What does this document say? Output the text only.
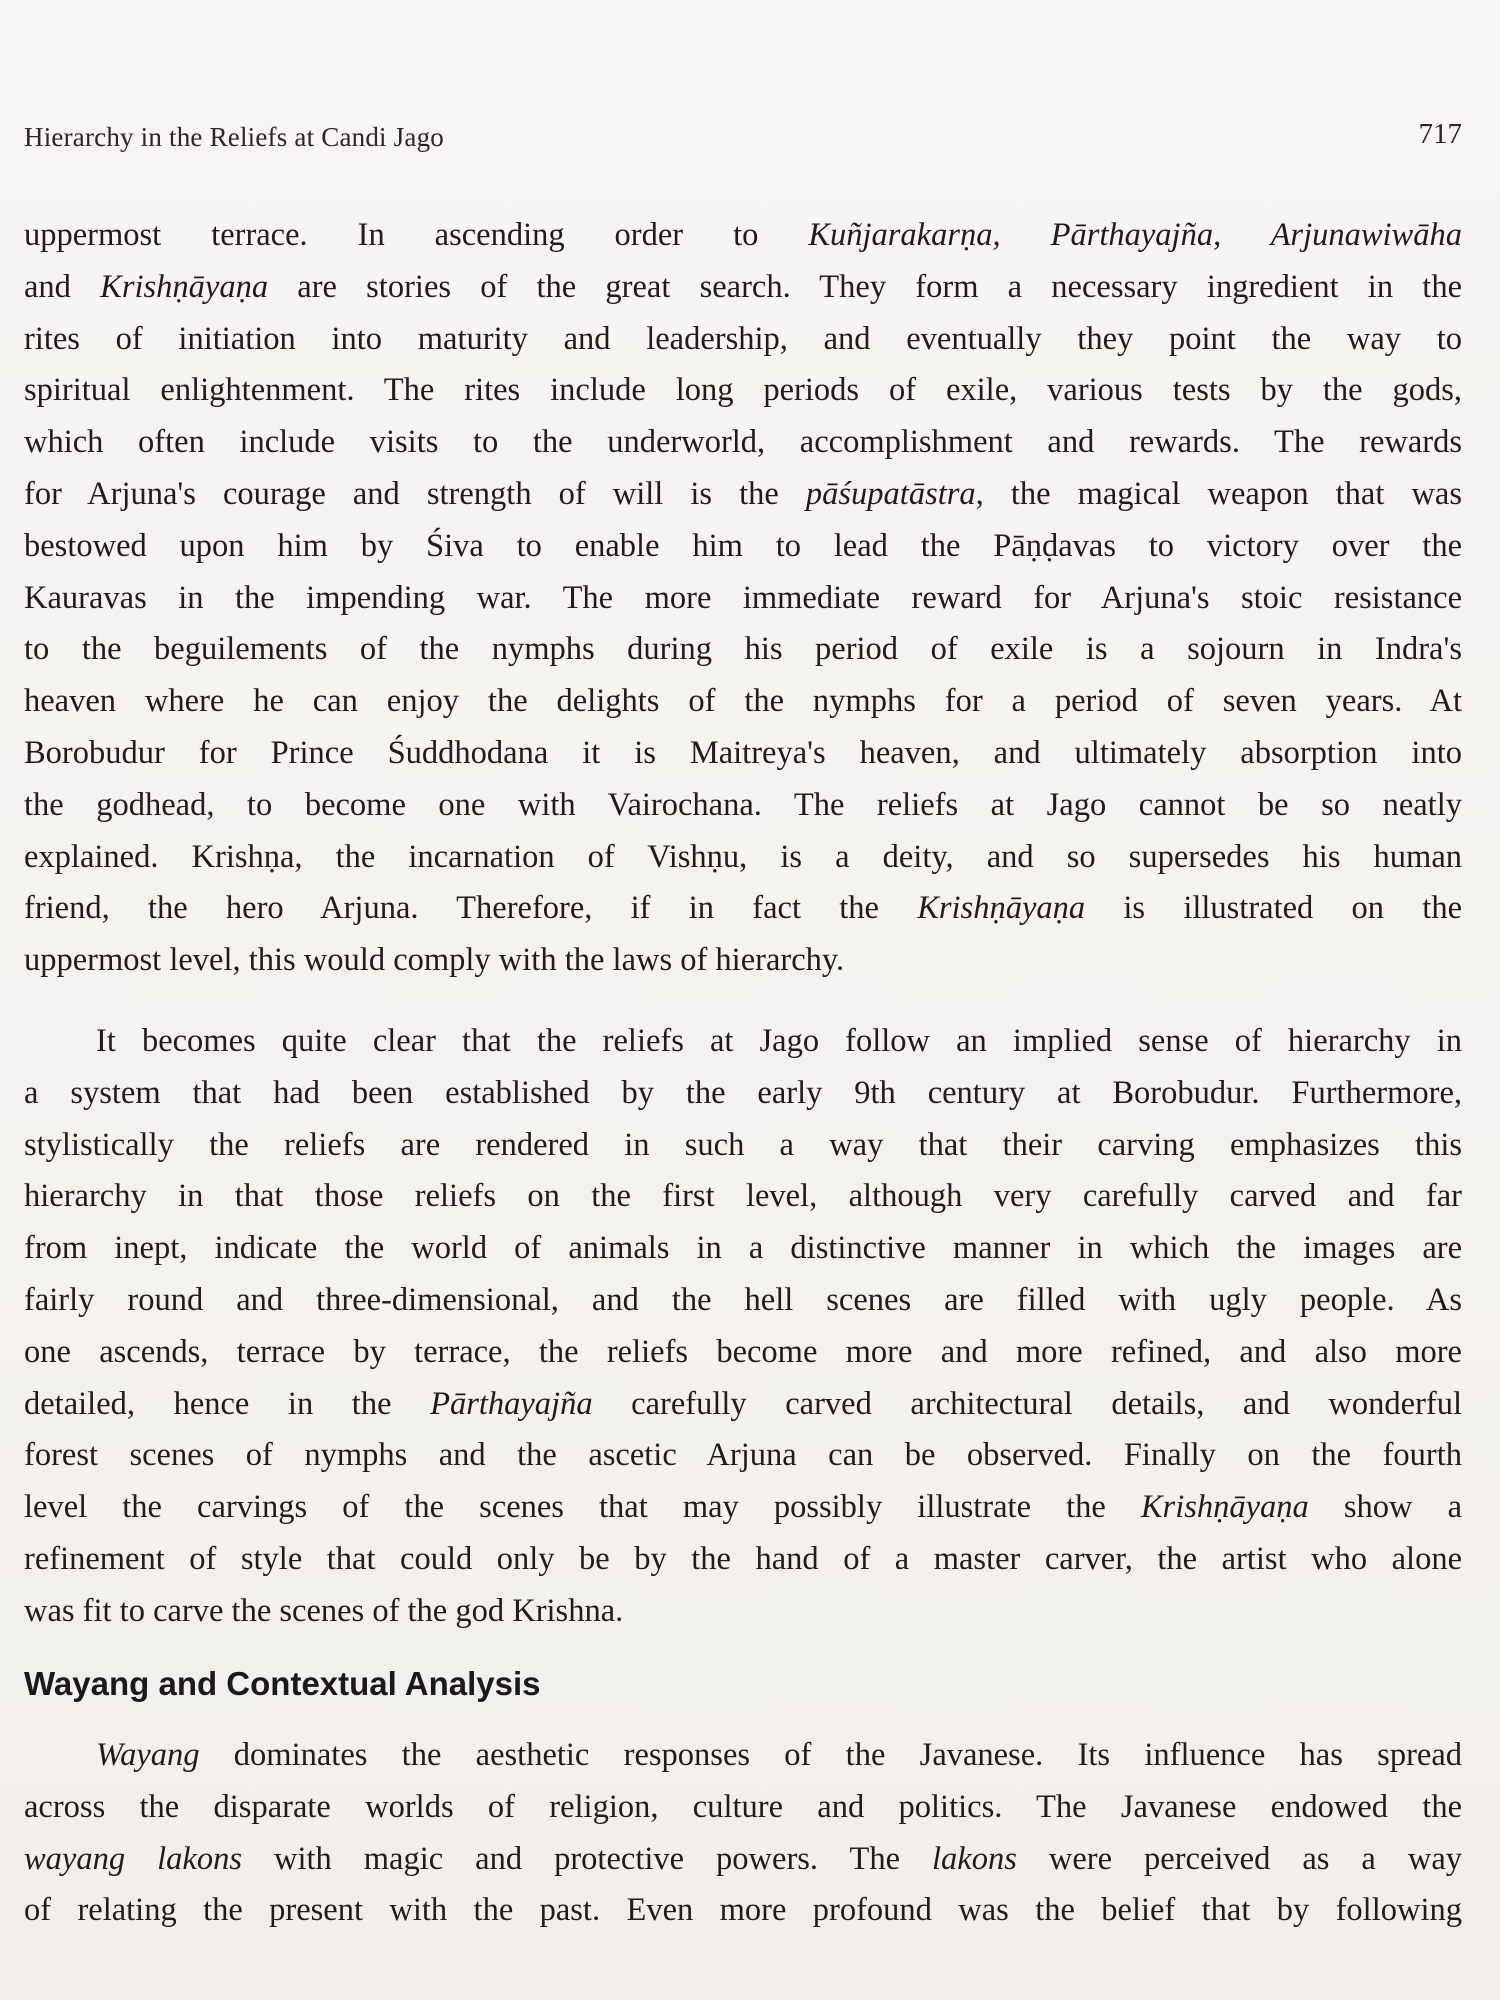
Hierarchy in the Reliefs at Candi Jago	717

uppermost terrace. In ascending order to Kuñjarakarṇa, Pārthayajña, Arjunawiwāha
and Krishṇāyaṇa are stories of the great search. They form a necessary ingredient in the
rites of initiation into maturity and leadership, and eventually they point the way to
spiritual enlightenment. The rites include long periods of exile, various tests by the gods,
which often include visits to the underworld, accomplishment and rewards. The rewards
for Arjuna's courage and strength of will is the pāśupatāstra, the magical weapon that was
bestowed upon him by Śiva to enable him to lead the Pāṇḍavas to victory over the
Kauravas in the impending war. The more immediate reward for Arjuna's stoic resistance
to the beguilements of the nymphs during his period of exile is a sojourn in Indra's
heaven where he can enjoy the delights of the nymphs for a period of seven years. At
Borobudur for Prince Śuddhodana it is Maitreya's heaven, and ultimately absorption into
the godhead, to become one with Vairochana. The reliefs at Jago cannot be so neatly
explained. Krishṇa, the incarnation of Vishṇu, is a deity, and so supersedes his human
friend, the hero Arjuna. Therefore, if in fact the Krishṇāyaṇa is illustrated on the
uppermost level, this would comply with the laws of hierarchy.

It becomes quite clear that the reliefs at Jago follow an implied sense of hierarchy in
a system that had been established by the early 9th century at Borobudur. Furthermore,
stylistically the reliefs are rendered in such a way that their carving emphasizes this
hierarchy in that those reliefs on the first level, although very carefully carved and far
from inept, indicate the world of animals in a distinctive manner in which the images are
fairly round and three-dimensional, and the hell scenes are filled with ugly people. As
one ascends, terrace by terrace, the reliefs become more and more refined, and also more
detailed, hence in the Pārthayajña carefully carved architectural details, and wonderful
forest scenes of nymphs and the ascetic Arjuna can be observed. Finally on the fourth
level the carvings of the scenes that may possibly illustrate the Krishṇāyaṇa show a
refinement of style that could only be by the hand of a master carver, the artist who alone
was fit to carve the scenes of the god Krishna.

Wayang and Contextual Analysis

Wayang dominates the aesthetic responses of the Javanese. Its influence has spread
across the disparate worlds of religion, culture and politics. The Javanese endowed the
wayang lakons with magic and protective powers. The lakons were perceived as a way
of relating the present with the past. Even more profound was the belief that by following
